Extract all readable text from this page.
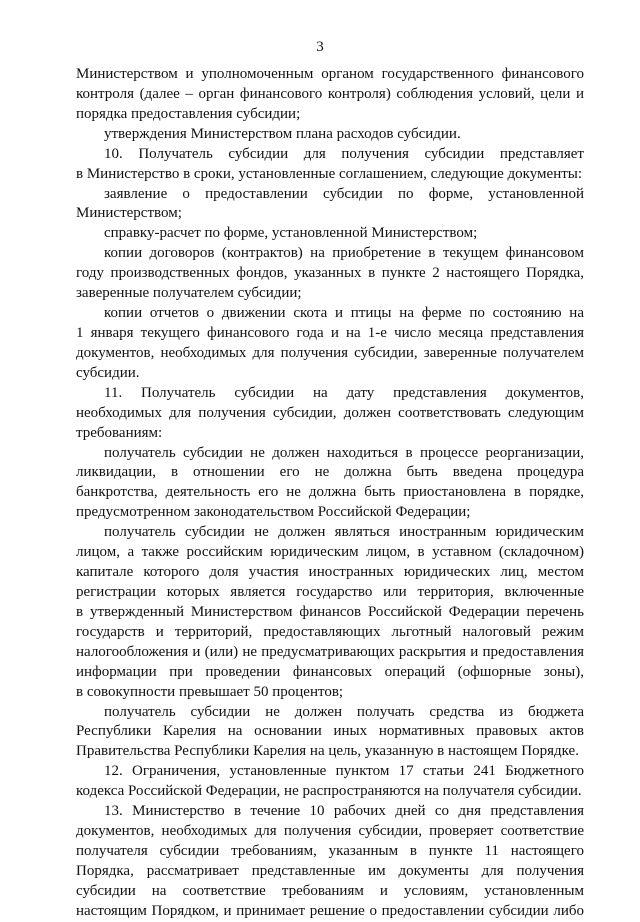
3
Министерством и уполномоченным органом государственного финансового
контроля (далее – орган финансового контроля) соблюдения условий, цели и
порядка предоставления субсидии;
утверждения Министерством плана расходов субсидии.
10. Получатель субсидии для получения субсидии представляет
в Министерство в сроки, установленные соглашением, следующие документы:
заявление о предоставлении субсидии по форме, установленной
Министерством;
справку-расчет по форме, установленной Министерством;
копии договоров (контрактов) на приобретение в текущем финансовом
году производственных фондов, указанных в пункте 2 настоящего Порядка,
заверенные получателем субсидии;
копии отчетов о движении скота и птицы на ферме по состоянию на
1 января текущего финансового года и на 1-е число месяца представления
документов, необходимых для получения субсидии, заверенные получателем
субсидии.
11. Получатель субсидии на дату представления документов,
необходимых для получения субсидии, должен соответствовать следующим
требованиям:
получатель субсидии не должен находиться в процессе реорганизации,
ликвидации, в отношении его не должна быть введена процедура
банкротства, деятельность его не должна быть приостановлена в порядке,
предусмотренном законодательством Российской Федерации;
получатель субсидии не должен являться иностранным юридическим
лицом, а также российским юридическим лицом, в уставном (складочном)
капитале которого доля участия иностранных юридических лиц, местом
регистрации которых является государство или территория, включенные
в утвержденный Министерством финансов Российской Федерации перечень
государств и территорий, предоставляющих льготный налоговый режим
налогообложения и (или) не предусматривающих раскрытия и предоставления
информации при проведении финансовых операций (офшорные зоны),
в совокупности превышает 50 процентов;
получатель субсидии не должен получать средства из бюджета
Республики Карелия на основании иных нормативных правовых актов
Правительства Республики Карелия на цель, указанную в настоящем Порядке.
12. Ограничения, установленные пунктом 17 статьи 241 Бюджетного
кодекса Российской Федерации, не распространяются на получателя субсидии.
13. Министерство в течение 10 рабочих дней со дня представления
документов, необходимых для получения субсидии, проверяет соответствие
получателя субсидии требованиям, указанным в пункте 11 настоящего
Порядка, рассматривает представленные им документы для получения
субсидии на соответствие требованиям и условиям, установленным
настоящим Порядком, и принимает решение о предоставлении субсидии либо
